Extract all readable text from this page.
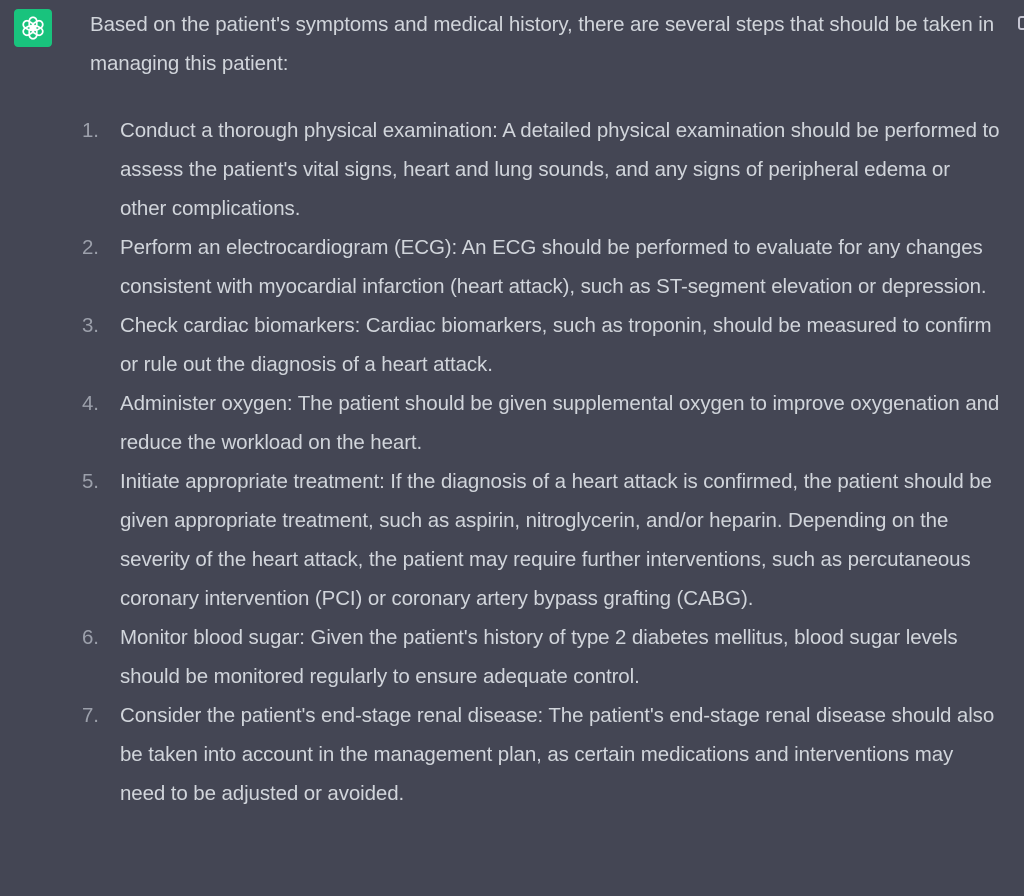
Based on the patient's symptoms and medical history, there are several steps that should be taken in managing this patient:

1. Conduct a thorough physical examination: A detailed physical examination should be performed to assess the patient's vital signs, heart and lung sounds, and any signs of peripheral edema or other complications.
2. Perform an electrocardiogram (ECG): An ECG should be performed to evaluate for any changes consistent with myocardial infarction (heart attack), such as ST-segment elevation or depression.
3. Check cardiac biomarkers: Cardiac biomarkers, such as troponin, should be measured to confirm or rule out the diagnosis of a heart attack.
4. Administer oxygen: The patient should be given supplemental oxygen to improve oxygenation and reduce the workload on the heart.
5. Initiate appropriate treatment: If the diagnosis of a heart attack is confirmed, the patient should be given appropriate treatment, such as aspirin, nitroglycerin, and/or heparin. Depending on the severity of the heart attack, the patient may require further interventions, such as percutaneous coronary intervention (PCI) or coronary artery bypass grafting (CABG).
6. Monitor blood sugar: Given the patient's history of type 2 diabetes mellitus, blood sugar levels should be monitored regularly to ensure adequate control.
7. Consider the patient's end-stage renal disease: The patient's end-stage renal disease should also be taken into account in the management plan, as certain medications and interventions may need to be adjusted or avoided.
